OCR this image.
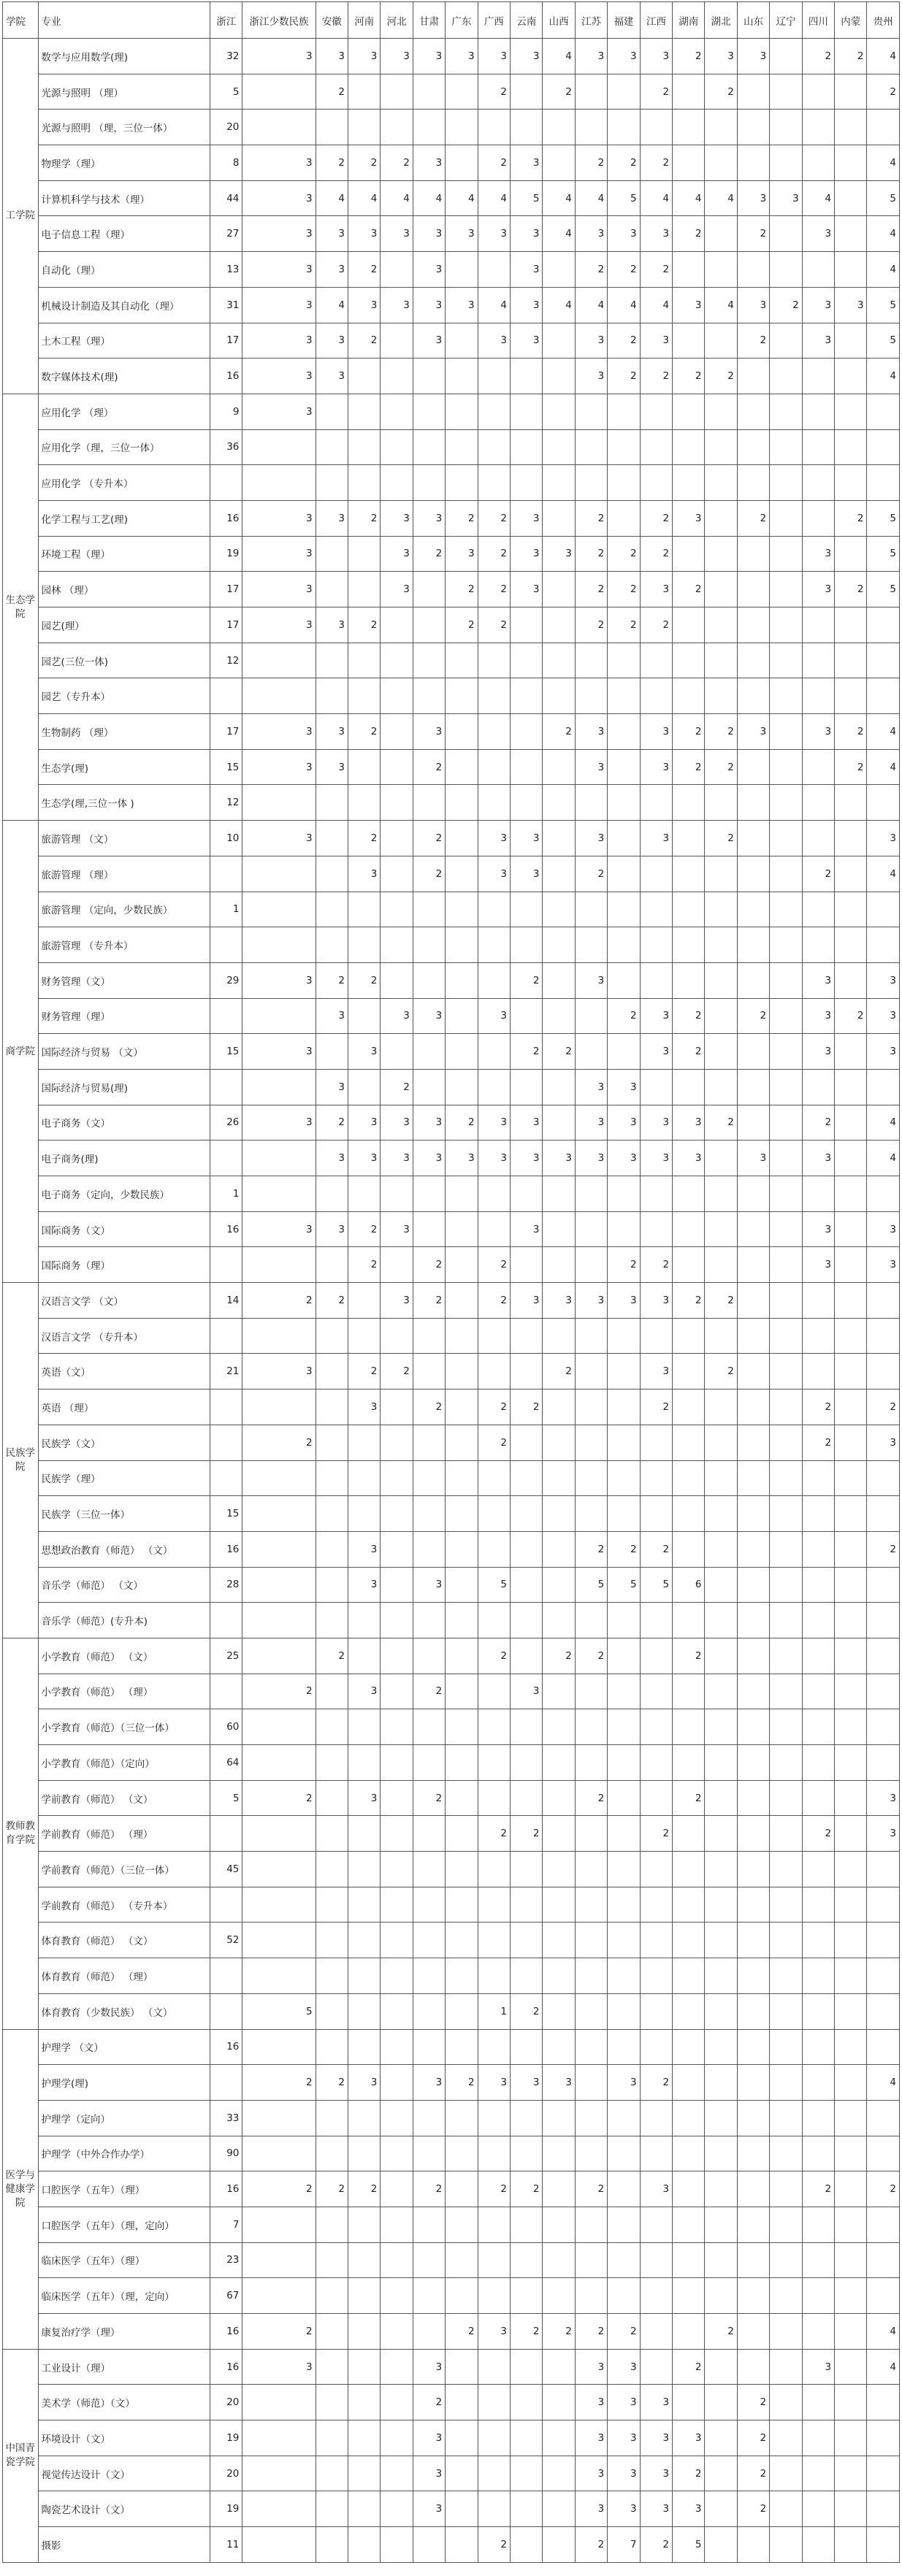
学院	专业	浙江	浙江少数民族	安徽	河南	河北	甘肃	广东	广西	云南	山西	江苏	福建	江西	湖南	湖北	山东	辽宁	四川	内蒙	贵州
工学院	数学与应用数学(理)	32	3	3	3	3	3	3	3	3	4	3	3	3	2	3	3		2	2	4
	光源与照明 （理）	5		2					2		2			2		2					2
	光源与照明 （理，三位一体）	20																			
	物理学（理）	8	3	2	2	2	3		2	3		2	2	2							4
	计算机科学与技术（理）	44	3	4	4	4	4	4	4	5	4	4	5	4	4	4	3	3	4		5
	电子信息工程（理）	27	3	3	3	3	3	3	3	3	4	3	3	3	2		2		3		4
	自动化（理）	13	3	3	2		3			3		2	2	2							4
	机械设计制造及其自动化（理）	31	3	4	3	3	3	3	4	3	4	4	4	4	3	4	3	2	3	3	5
	土木工程（理）	17	3	3	2		3		3	3		3	2	3			2		3		5
	数字媒体技术(理)	16	3	3								3	2	2	2	2					4
生态学院	应用化学 （理）	9	3																		
	应用化学（理，三位一体）	36																			
	应用化学 （专升本）																				
	化学工程与工艺(理)	16	3	3	2	3	3	2	2	3		2		2	3		2			2	5
	环境工程（理）	19	3			3	2	3	2	3	3	2	2	2					3		5
	园林 （理）	17	3			3		2	2	3		2	2	3	2				3	2	5
	园艺(理）	17	3	3	2			2	2			2	2	2							
	园艺(三位一体)	12																			
	园艺（专升本）																				
	生物制药 （理）	17	3	3	2		3				2	3		3	2	2	3		3	2	4
	生态学(理)	15	3	3			2					3		3	2	2				2	4
	生态学(理,三位一体 )	12																			
商学院	旅游管理 （文）	10	3		2		2		3	3		3		3		2					3
	旅游管理 （理）				3		2		3	3		2							2		4
	旅游管理 （定向，少数民族）	1																			
	旅游管理 （专升本）																				
	财务管理（文）	29	3	2	2					2		3							3		3
	财务管理（理）			3		3	3		3				2	3	2		2		3	2	3
	国际经济与贸易 （文）	15	3		3					2	2			3	2				3		3
	国际经济与贸易(理)			3		2						3	3								
	电子商务（文）	26	3	2	3	3	3	2	3	3		3	3	3	3	2			2		4
	电子商务(理)			3	3	3	3	3	3	3	3	3	3	3	3		3		3		4
	电子商务（定向，少数民族）	1																			
	国际商务（文）	16	3	3	2	3				3									3		3
	国际商务（理）				2		2		2				2	2					3		3
民族学院	汉语言文学 （文）	14	2	2		3	2		2	3	3	3	3	3	2	2					
	汉语言文学 （专升本）																				
	英语（文）	21	3		2	2					2			3		2					
	英语 （理）				3		2		2	2				2					2		2
	民族学（文）		2						2										2		3
	民族学（理）																				
	民族学（三位一体）	15																			
	思想政治教育（师范） （文）	16			3							2	2	2							2
	音乐学（师范） （文）	28			3		3		5			5	5	5	6						
	音乐学（师范）(专升本)																				
教师教育学院	小学教育（师范） （文）	25		2					2		2	2			2						
	小学教育（师范） （理）		2		3		2			3											
	小学教育（师范）（三位一体）	60																			
	小学教育（师范）（定向）	64																			
	学前教育（师范） （文）	5	2		3		2					2			2						3
	学前教育（师范） （理）								2	2				2					2		3
	学前教育（师范）（三位一体）	45																			
	学前教育（师范） （专升本）																				
	体育教育（师范） （文）	52																			
	体育教育（师范） （理）																				
	体育教育（少数民族） （文）		5						1	2											
医学与健康学院	护理学 （文）	16																			
	护理学(理)		2	2	3		3	2	3	3	3		3	2							4
	护理学（定向）	33																			
	护理学（中外合作办学）	90																			
	口腔医学（五年）（理）	16	2	2	2		2		2	2		2		3					2		2
	口腔医学（五年）（理，定向）	7																			
	临床医学（五年）（理）	23																			
	临床医学（五年）（理，定向）	67																			
	康复治疗学（理）	16	2					2	3	2	2	2	2			2					4
中国青瓷学院	工业设计（理）	16	3				3					3	3		2				3		4
	美术学（师范）（文）	20					2					3	3	3			2				
	环境设计（文）	19					3					3	3	3	3		2				
	视觉传达设计（文）	20					3					3	3	3	2		2				
	陶瓷艺术设计（文）	19					3					3	3	3	3		2				
	摄影	11							2			2	7	2	5						
